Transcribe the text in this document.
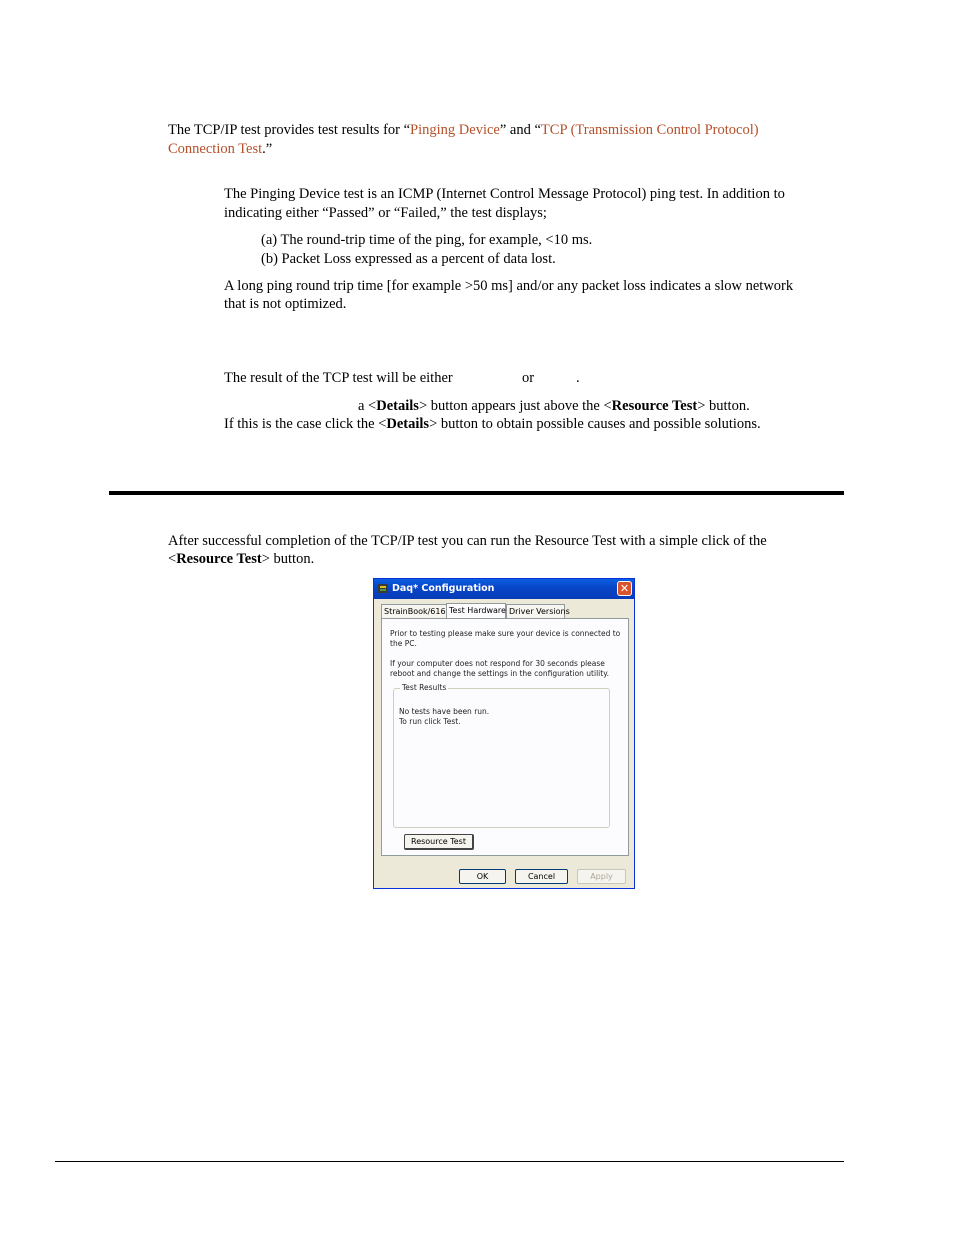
The TCP/IP test provides test results for “Pinging Device” and “TCP (Transmission Control Protocol)
Connection Test.”
The Pinging Device test is an ICMP (Internet Control Message Protocol) ping test. In addition to
indicating either “Passed” or “Failed,” the test displays;
(a) The round-trip time of the ping, for example, <10 ms.
(b) Packet Loss expressed as a percent of data lost.
A long ping round trip time [for example >50 ms] and/or any packet loss indicates a slow network
that is not optimized.
The result of the TCP test will be either	or	.
a <Details> button appears just above the <Resource Test> button.
If this is the case click the <Details> button to obtain possible causes and possible solutions.
After successful completion of the TCP/IP test you can run the Resource Test with a simple click of the
<Resource Test> button.
Daq* Configuration	✕
StrainBook/616 Test Hardware Driver Versions
Prior to testing please make sure your device is connected to
the PC.
If your computer does not respond for 30 seconds please
reboot and change the settings in the configuration utility.
Test Results
No tests have been run.
To run click Test.
Resource Test
OK	Cancel	Apply
